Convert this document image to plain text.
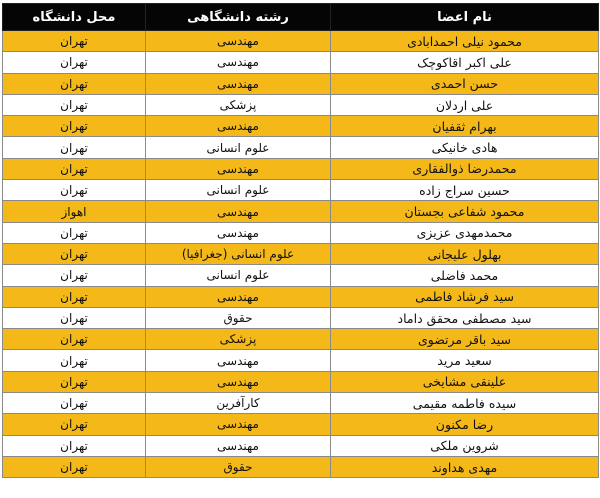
نام اعضا	رشته دانشگاهی	محل دانشگاه
محمود نیلی احمدابادی	مهندسی	تهران
علی اکبر اقاکوچک	مهندسی	تهران
حسن احمدی	مهندسی	تهران
علی اردلان	پزشکی	تهران
بهرام ثقفیان	مهندسی	تهران
هادی خانیکی	علوم انسانی	تهران
محمدرضا ذوالفقاری	مهندسی	تهران
حسین سراج زاده	علوم انسانی	تهران
محمود شفاعی بجستان	مهندسی	اهواز
محمدمهدی عزیزی	مهندسی	تهران
بهلول علیجانی	علوم انسانی (جغرافیا)	تهران
محمد فاضلی	علوم انسانی	تهران
سید فرشاد فاطمی	مهندسی	تهران
سید مصطفی محقق داماد	حقوق	تهران
سید باقر مرتضوی	پزشکی	تهران
سعید مرید	مهندسی	تهران
علینقی مشایخی	مهندسی	تهران
سیده فاطمه مقیمی	کارآفرین	تهران
رضا مکنون	مهندسی	تهران
شروین ملکی	مهندسی	تهران
مهدی هداوند	حقوق	تهران
